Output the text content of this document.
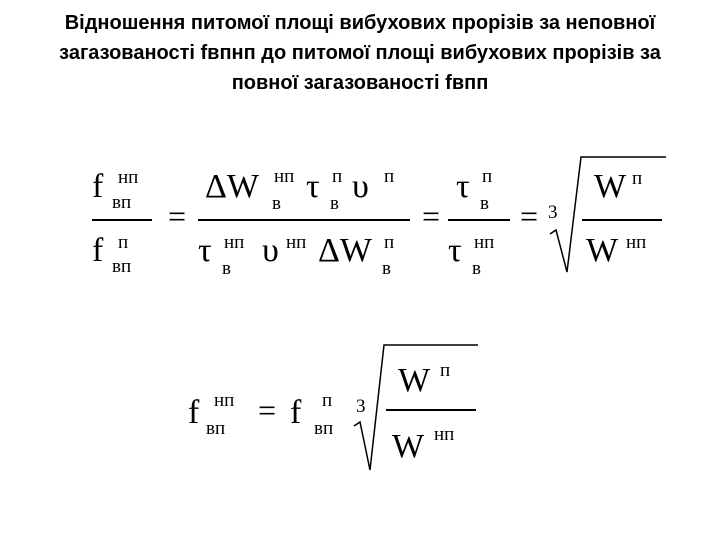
Відношення питомої площі вибухових прорізів за неповної загазованості fвпнп до питомої площі вибухових прорізів за повної загазованості fвпп
f нп
вп
f п
вп
=
ΔW нп
в τ п
в υ п
τ нп
в υ нп ΔW п
в
=
τ п
в
τ нп
в
= 3
W п
W нп
f нп
вп
= f п
вп
3
W п
W нп
